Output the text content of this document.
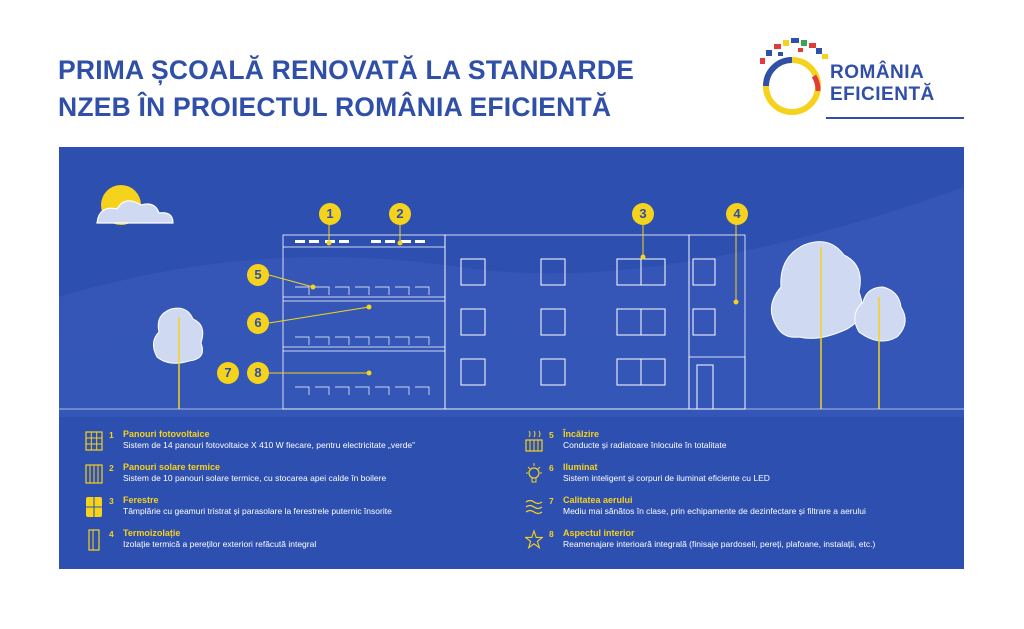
PRIMA ȘCOALĂ RENOVATĂ LA STANDARDE
NZEB ÎN PROIECTUL ROMÂNIA EFICIENTĂ
ROMÂNIA
EFICIENTĂ
1	2	3	4
5
6
7	8
1 Panouri fotovoltaice
Sistem de 14 panouri fotovoltaice X 410 W fiecare, pentru electricitate „verde”
2 Panouri solare termice
Sistem de 10 panouri solare termice, cu stocarea apei calde în boilere
3 Ferestre
Tâmplărie cu geamuri tristrat și parasolare la ferestrele puternic însorite
4 Termoizolație
Izolație termică a pereților exteriori refăcută integral
5 Încălzire
Conducte și radiatoare înlocuite în totalitate
6 Iluminat
Sistem inteligent și corpuri de iluminat eficiente cu LED
7 Calitatea aerului
Mediu mai sănătos în clase, prin echipamente de dezinfectare și filtrare a aerului
8 Aspectul interior
Reamenajare interioară integrală (finisaje pardoseli, pereți, plafoane, instalații, etc.)
